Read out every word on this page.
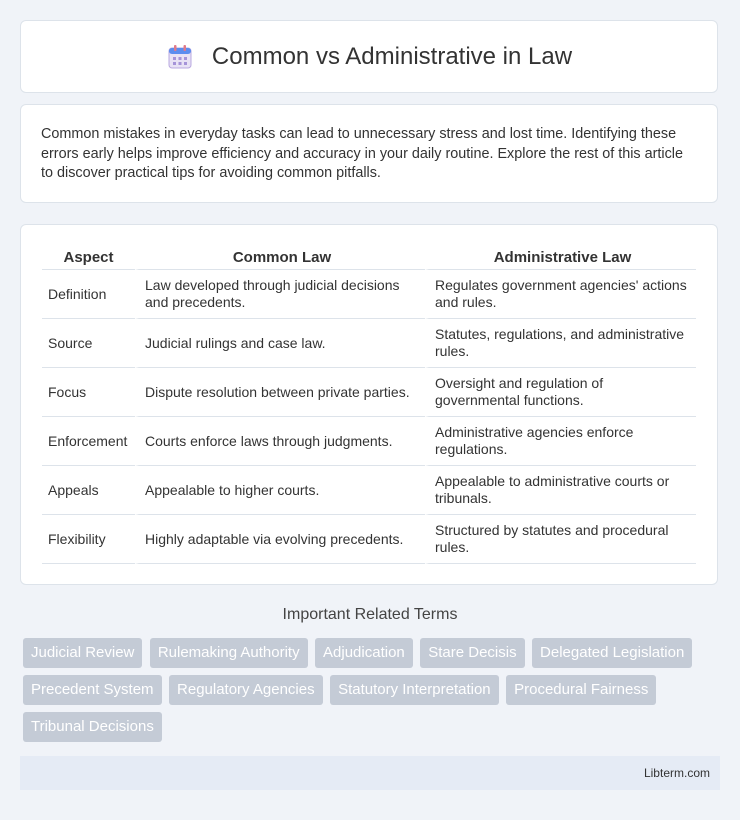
Common vs Administrative in Law

Common mistakes in everyday tasks can lead to unnecessary stress and lost time. Identifying these errors early helps improve efficiency and accuracy in your daily routine. Explore the rest of this article to discover practical tips for avoiding common pitfalls.

Aspect	Common Law	Administrative Law
Definition	Law developed through judicial decisions and precedents.	Regulates government agencies' actions and rules.
Source	Judicial rulings and case law.	Statutes, regulations, and administrative rules.
Focus	Dispute resolution between private parties.	Oversight and regulation of governmental functions.
Enforcement	Courts enforce laws through judgments.	Administrative agencies enforce regulations.
Appeals	Appealable to higher courts.	Appealable to administrative courts or tribunals.
Flexibility	Highly adaptable via evolving precedents.	Structured by statutes and procedural rules.
Important Related Terms
Judicial Review Rulemaking Authority Adjudication Stare Decisis Delegated Legislation Precedent System Regulatory Agencies Statutory Interpretation Procedural Fairness Tribunal Decisions
Libterm.com
